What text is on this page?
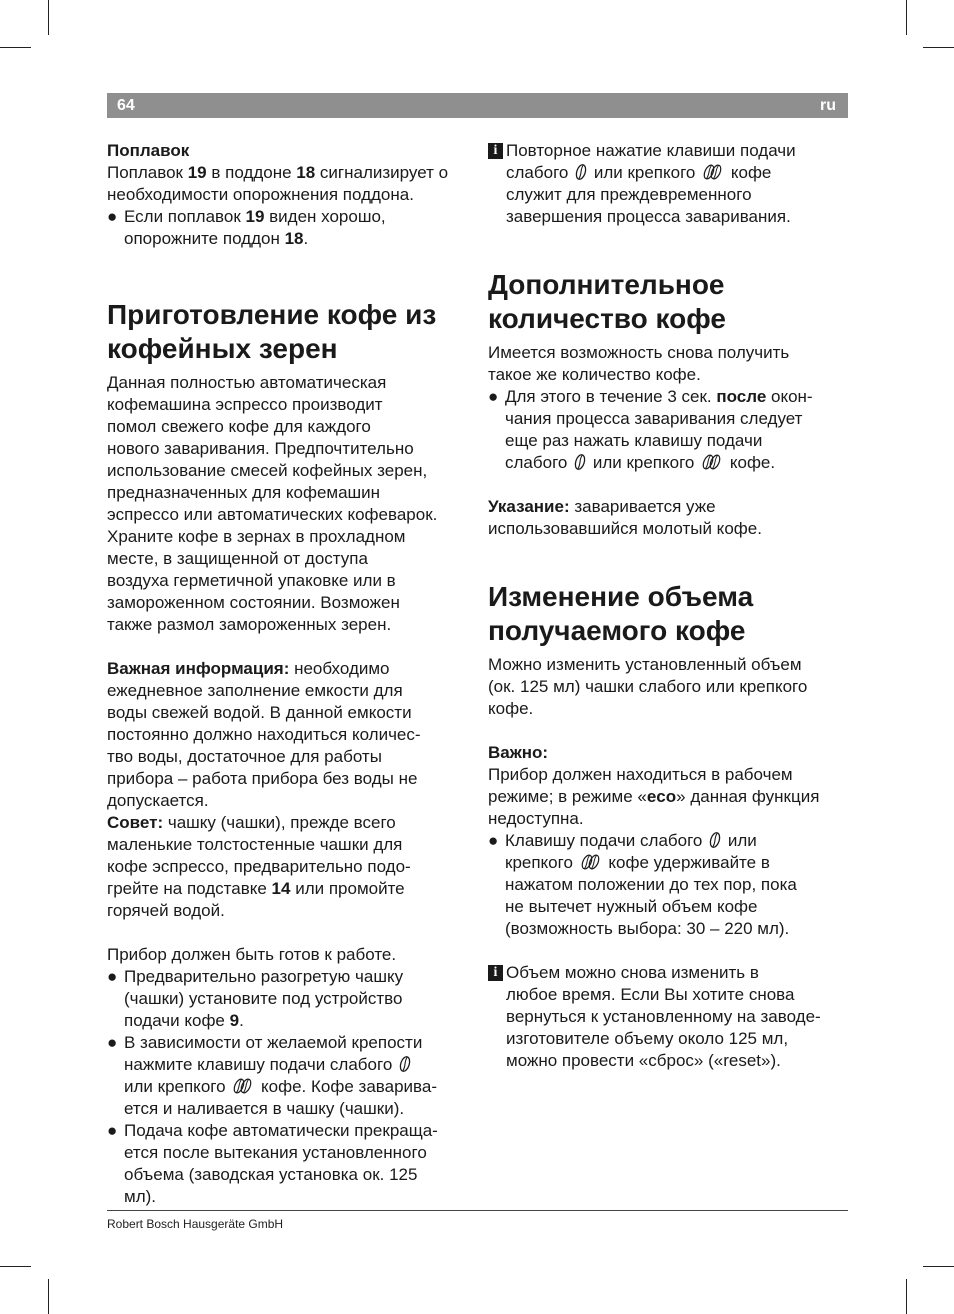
64	ru

Поплавок

Поплавок 19 в поддоне 18 сигнализирует о необходимости опорожнения поддона.

● Если поплавок 19 виден хорошо, опорожните поддон 18.
Приготовление кофе из
кофейных зерен

Данная полностью автоматическая

кофемашина эспрессо производит

помол свежего кофе для каждого

нового заваривания. Предпочтительно

использование смесей кофейных зерен,

предназначенных для кофемашин

эспрессо или автоматических кофеварок.

Храните кофе в зернах в прохладном

месте, в защищенной от доступа

воздуха герметичной упаковке или в

замороженном состоянии. Возможен

также размол замороженных зерен.

Важная информация: необходимо

ежедневное заполнение емкости для

воды свежей водой. В данной емкости

постоянно должно находиться количес-

тво воды, достаточное для работы

прибора – работа прибора без воды не

допускается.

Совет: чашку (чашки), прежде всего

маленькие толстостенные чашки для

кофе эспрессо, предварительно подо-

грейте на подставке 14 или промойте

горячей водой.

Прибор должен быть готов к работе.

● Предварительно разогретую чашку

(чашки) установите под устройство

подачи кофе 9.

● В зависимости от желаемой крепости

нажмите клавишу подачи слабого

или крепкого кофе. Кофе заварива-

ется и наливается в чашку (чашки).

● Подача кофе автоматически прекраща-

ется после вытекания установленного

объема (заводская установка ок. 125

мл).

i Повторное нажатие клавиши подачи

слабого или крепкого кофе

служит для преждевременного

завершения процесса заваривания.

Дополнительное
количество кофе

Имеется возможность снова получить

такое же количество кофе.

● Для этого в течение 3 сек. после окон-

чания процесса заваривания следует

еще раз нажать клавишу подачи

слабого или крепкого кофе.

Указание: заваривается уже

использовавшийся молотый кофе.

Изменение объема
получаемого кофе

Можно изменить установленный объем

(ок. 125 мл) чашки слабого или крепкого

кофе.

Важно:

Прибор должен находиться в рабочем

режиме; в режиме «eco» данная функция

недоступна.

● Клавишу подачи слабого или

крепкого кофе удерживайте в

нажатом положении до тех пор, пока

не вытечет нужный объем кофе

(возможность выбора: 30 – 220 мл).

i Объем можно снова изменить в

любое время. Если Вы хотите снова

вернуться к установленному на заводе-

изготовителе объему около 125 мл,

можно провести «сброс» («reset»).

Robert Bosch Hausgeräte GmbH
